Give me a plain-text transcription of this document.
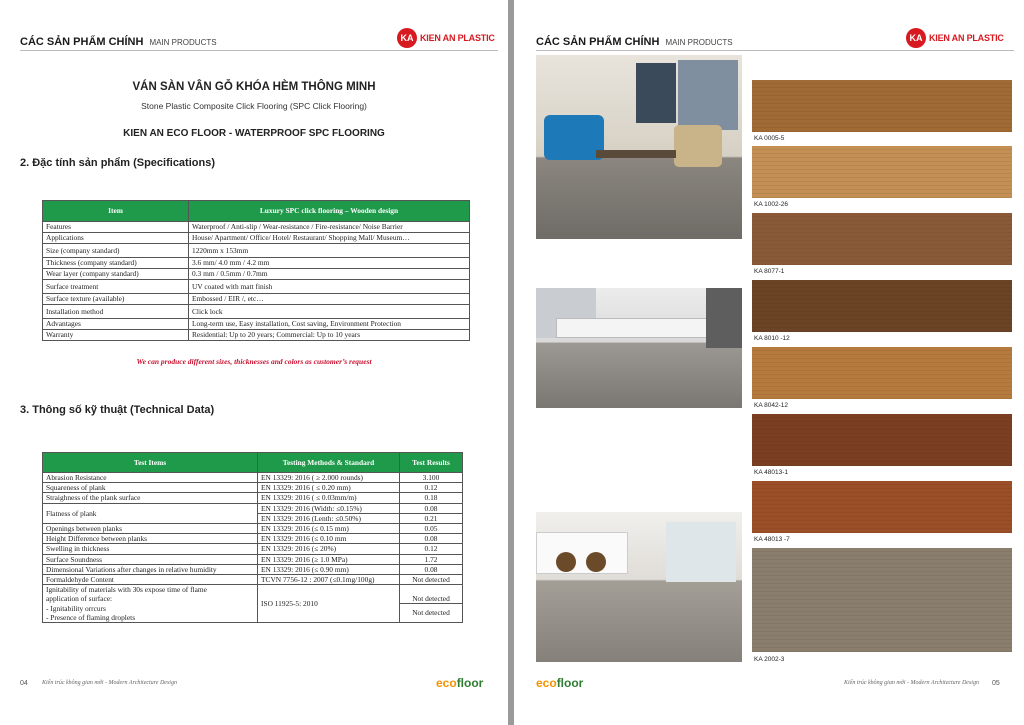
CÁC SẢN PHẨM CHÍNH MAIN PRODUCTS	KA KIEN AN PLASTIC
VÁN SÀN VÂN GỖ KHÓA HÈM THÔNG MINH
Stone Plastic Composite Click Flooring (SPC Click Flooring)
KIEN AN ECO FLOOR - WATERPROOF SPC FLOORING
2. Đặc tính sản phẩm (Specifications)
Item	Luxury SPC click flooring – Wooden design
Features	Waterproof / Anti-slip / Wear-resistance / Fire-resistance/ Noise Barrier
Applications	House/ Apartment/ Office/ Hotel/ Restaurant/ Shopping Mall/ Museum…
Size (company standard)	1220mm x 153mm
Thickness (company standard)	3.6 mm/ 4.0 mm / 4.2 mm
Wear layer (company standard)	0.3 mm / 0.5mm / 0.7mm
Surface treatment	UV coated with matt finish
Surface texture (available)	Embossed / EIR /, etc…
Installation method	Click lock
Advantages	Long-term use, Easy installation, Cost saving, Environment Protection
Warranty	Residential: Up to 20 years; Commercial: Up to 10 years
We can produce different sizes, thicknesses and colors as customer’s request
3. Thông số kỹ thuật (Technical Data)
Test Items	Testing Methods & Standard	Test Results
Abrasion Resistance	EN 13329: 2016 ( ≥ 2.000 rounds)	3.100
Squareness of plank	EN 13329: 2016 ( ≤ 0.20 mm)	0.12
Straighness of the plank surface	EN 13329: 2016 ( ≤ 0.03mm/m)	0.18
Flatness of plank	EN 13329: 2016 (Width: ≤0.15%)	0.08
	EN 13329: 2016 (Lenth: ≤0.50%)	0.21
Openings between planks	EN 13329: 2016 (≤ 0.15 mm)	0.05
Height Difference between planks	EN 13329: 2016 (≤ 0.10 mm	0.08
Swelling in thickness	EN 13329: 2016 (≤ 20%)	0.12
Surface Soundness	EN 13329: 2016 (≥ 1.0 MPa)	1.72
Dimensional Variations after changes in relative humidity	EN 13329: 2016 (≤ 0.90 mm)	0.08
Formaldehyde Content	TCVN 7756-12 : 2007 (≤0.1mg/100g)	Not detected

Ignitability of materials with 30s expose time of flame
application of surface:
- Ignitability orrcurs
- Presence of flaming droplets	ISO 11925-5: 2010	Not detected
		Not detected
04 Kiến trúc không gian mới - Modern Architecture Design	ecofloor
CÁC SẢN PHẨM CHÍNH MAIN PRODUCTS	KA KIEN AN PLASTIC
KA 0005-5
KA 1002-26
KA 8077-1
KA 8010 -12
KA 8042-12
KA 48013-1
KA 48013 -7
KA 2002-3
ecofloor	Kiến trúc không gian mới - Modern Architecture Design 05
